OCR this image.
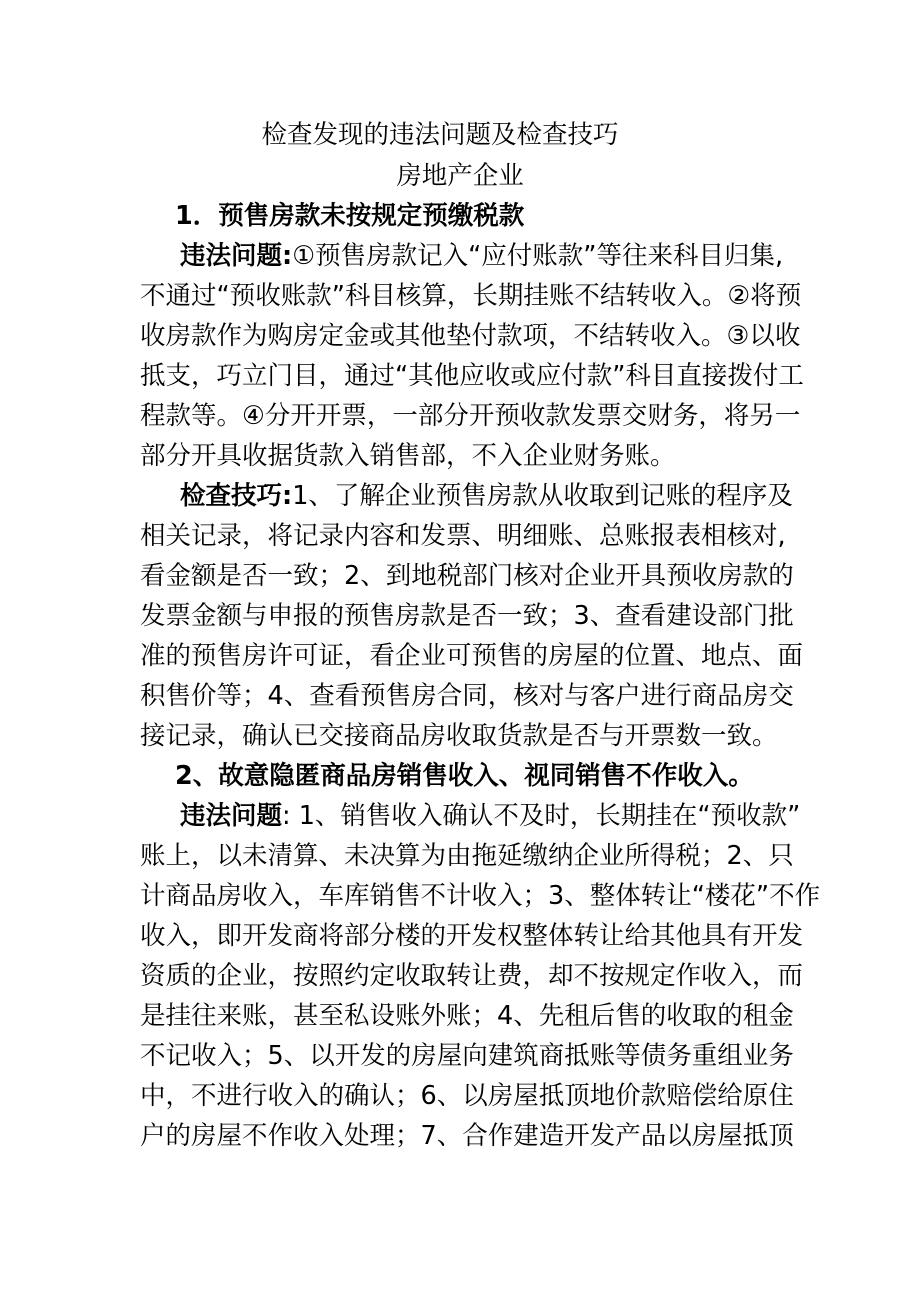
检查发现的违法问题及检查技巧
房地产企业
1．预售房款未按规定预缴税款
违法问题:①预售房款记入“应付账款”等往来科目归集,
不通过“预收账款”科目核算，长期挂账不结转收入。②将预
收房款作为购房定金或其他垫付款项，不结转收入。③以收
抵支，巧立门目，通过“其他应收或应付款”科目直接拨付工
程款等。④分开开票，一部分开预收款发票交财务，将另一
部分开具收据货款入销售部，不入企业财务账。
检查技巧:1、了解企业预售房款从收取到记账的程序及
相关记录，将记录内容和发票、明细账、总账报表相核对,
看金额是否一致；2、到地税部门核对企业开具预收房款的
发票金额与申报的预售房款是否一致；3、查看建设部门批
准的预售房许可证，看企业可预售的房屋的位置、地点、面
积售价等；4、查看预售房合同，核对与客户进行商品房交
接记录，确认已交接商品房收取货款是否与开票数一致。
2、故意隐匿商品房销售收入、视同销售不作收入。
违法问题: 1、销售收入确认不及时，长期挂在“预收款”
账上，以未清算、未决算为由拖延缴纳企业所得税；2、只
计商品房收入，车库销售不计收入；3、整体转让“楼花”不作
收入，即开发商将部分楼的开发权整体转让给其他具有开发
资质的企业，按照约定收取转让费，却不按规定作收入，而
是挂往来账，甚至私设账外账；4、先租后售的收取的租金
不记收入；5、以开发的房屋向建筑商抵账等债务重组业务
中，不进行收入的确认；6、以房屋抵顶地价款赔偿给原住
户的房屋不作收入处理；7、合作建造开发产品以房屋抵顶
